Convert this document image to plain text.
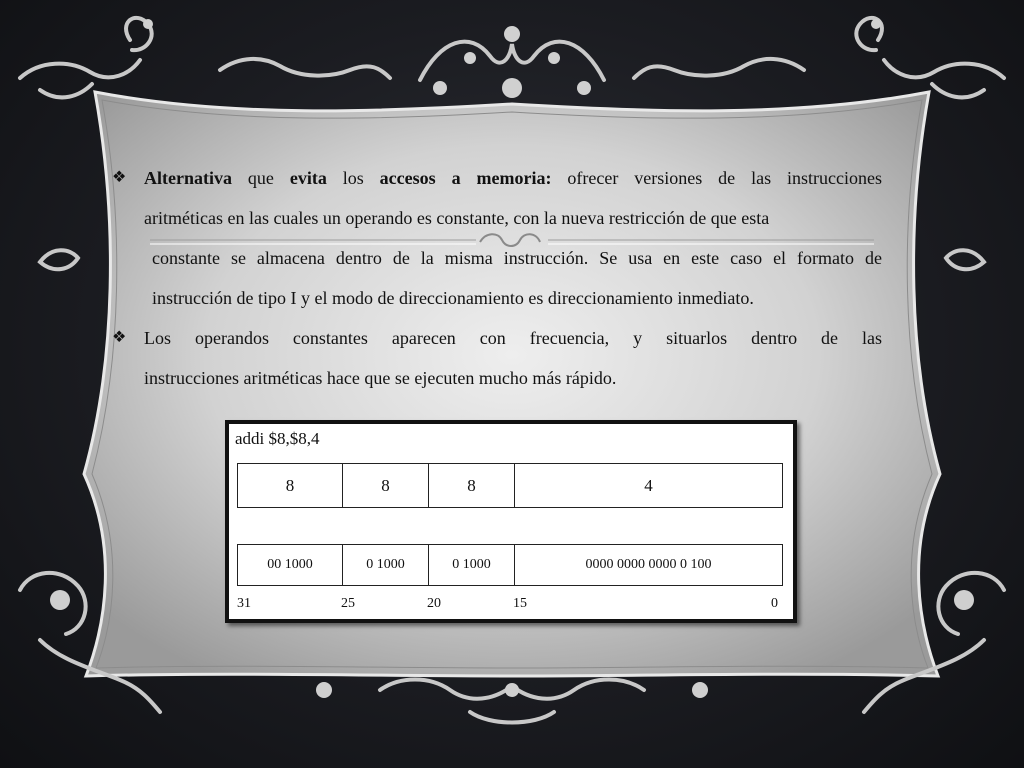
❖ Alternativa que evita los accesos a memoria: ofrecer versiones de las instrucciones
aritméticas en las cuales un operando es constante, con la nueva restricción de que esta
constante se almacena dentro de la misma instrucción. Se usa en este caso el formato de
instrucción de tipo I y el modo de direccionamiento es direccionamiento inmediato.
❖ Los operandos constantes aparecen con frecuencia, y situarlos dentro de las
instrucciones aritméticas hace que se ejecuten mucho más rápido.
addi $8,$8,4
8	8	8	4
00 1000	0 1000	0 1000	0000 0000 0000 0 100
31	25	20	15	0
